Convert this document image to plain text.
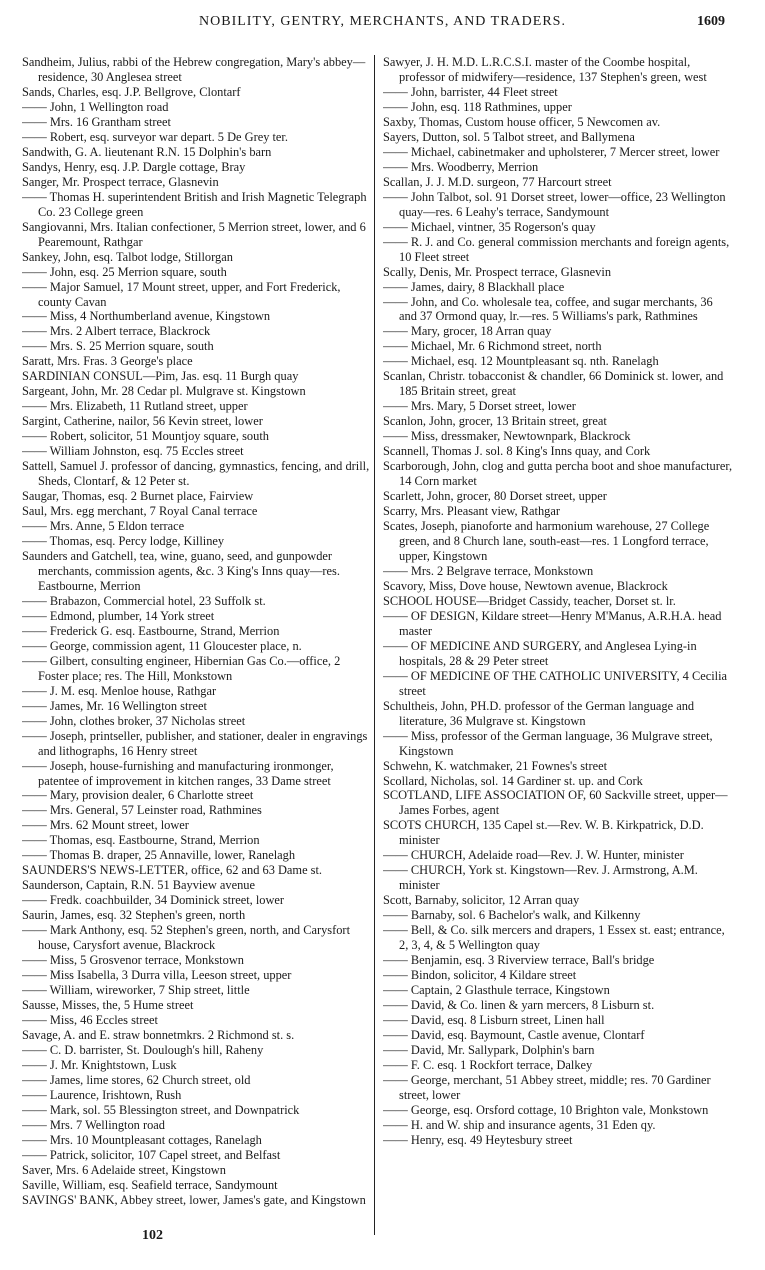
NOBILITY, GENTRY, MERCHANTS, AND TRADERS.	1609

Sandheim, Julius, rabbi of the Hebrew congregation, Mary's abbey—residence, 30 Anglesea street

Sands, Charles, esq. J.P. Bellgrove, Clontarf

—— John, 1 Wellington road

—— Mrs. 16 Grantham street

—— Robert, esq. surveyor war depart. 5 De Grey ter.

Sandwith, G. A. lieutenant R.N. 15 Dolphin's barn

Sandys, Henry, esq. J.P. Dargle cottage, Bray

Sanger, Mr. Prospect terrace, Glasnevin

—— Thomas H. superintendent British and Irish Magnetic Telegraph Co. 23 College green

Sangiovanni, Mrs. Italian confectioner, 5 Merrion street, lower, and 6 Pearemount, Rathgar

Sankey, John, esq. Talbot lodge, Stillorgan

—— John, esq. 25 Merrion square, south

—— Major Samuel, 17 Mount street, upper, and Fort Frederick, county Cavan

—— Miss, 4 Northumberland avenue, Kingstown

—— Mrs. 2 Albert terrace, Blackrock

—— Mrs. S. 25 Merrion square, south

Saratt, Mrs. Fras. 3 George's place

SARDINIAN CONSUL—Pim, Jas. esq. 11 Burgh quay

Sargeant, John, Mr. 28 Cedar pl. Mulgrave st. Kingstown

—— Mrs. Elizabeth, 11 Rutland street, upper

Sargint, Catherine, nailor, 56 Kevin street, lower

—— Robert, solicitor, 51 Mountjoy square, south

—— William Johnston, esq. 75 Eccles street

Sattell, Samuel J. professor of dancing, gymnastics, fencing, and drill, Sheds, Clontarf, & 12 Peter st.

Saugar, Thomas, esq. 2 Burnet place, Fairview

Saul, Mrs. egg merchant, 7 Royal Canal terrace

—— Mrs. Anne, 5 Eldon terrace

—— Thomas, esq. Percy lodge, Killiney

Saunders and Gatchell, tea, wine, guano, seed, and gunpowder merchants, commission agents, &c. 3 King's Inns quay—res. Eastbourne, Merrion

—— Brabazon, Commercial hotel, 23 Suffolk st.

—— Edmond, plumber, 14 York street

—— Frederick G. esq. Eastbourne, Strand, Merrion

—— George, commission agent, 11 Gloucester place, n.

—— Gilbert, consulting engineer, Hibernian Gas Co.—office, 2 Foster place; res. The Hill, Monkstown

—— J. M. esq. Menloe house, Rathgar

—— James, Mr. 16 Wellington street

—— John, clothes broker, 37 Nicholas street

—— Joseph, printseller, publisher, and stationer, dealer in engravings and lithographs, 16 Henry street

—— Joseph, house-furnishing and manufacturing ironmonger, patentee of improvement in kitchen ranges, 33 Dame street

—— Mary, provision dealer, 6 Charlotte street

—— Mrs. General, 57 Leinster road, Rathmines

—— Mrs. 62 Mount street, lower

—— Thomas, esq. Eastbourne, Strand, Merrion

—— Thomas B. draper, 25 Annaville, lower, Ranelagh

SAUNDERS'S NEWS-LETTER, office, 62 and 63 Dame st.

Saunderson, Captain, R.N. 51 Bayview avenue

—— Fredk. coachbuilder, 34 Dominick street, lower

Saurin, James, esq. 32 Stephen's green, north

—— Mark Anthony, esq. 52 Stephen's green, north, and Carysfort house, Carysfort avenue, Blackrock

—— Miss, 5 Grosvenor terrace, Monkstown

—— Miss Isabella, 3 Durra villa, Leeson street, upper

—— William, wireworker, 7 Ship street, little

Sausse, Misses, the, 5 Hume street

—— Miss, 46 Eccles street

Savage, A. and E. straw bonnetmkrs. 2 Richmond st. s.

—— C. D. barrister, St. Doulough's hill, Raheny

—— J. Mr. Knightstown, Lusk

—— James, lime stores, 62 Church street, old

—— Laurence, Irishtown, Rush

—— Mark, sol. 55 Blessington street, and Downpatrick

—— Mrs. 7 Wellington road

—— Mrs. 10 Mountpleasant cottages, Ranelagh

—— Patrick, solicitor, 107 Capel street, and Belfast

Saver, Mrs. 6 Adelaide street, Kingstown

Saville, William, esq. Seafield terrace, Sandymount

SAVINGS' BANK, Abbey street, lower, James's gate, and Kingstown

Sawyer, J. H. M.D. L.R.C.S.I. master of the Coombe hospital, professor of midwifery—residence, 137 Stephen's green, west

—— John, barrister, 44 Fleet street

—— John, esq. 118 Rathmines, upper

Saxby, Thomas, Custom house officer, 5 Newcomen av.

Sayers, Dutton, sol. 5 Talbot street, and Ballymena

—— Michael, cabinetmaker and upholsterer, 7 Mercer street, lower

—— Mrs. Woodberry, Merrion

Scallan, J. J. M.D. surgeon, 77 Harcourt street

—— John Talbot, sol. 91 Dorset street, lower—office, 23 Wellington quay—res. 6 Leahy's terrace, Sandymount

—— Michael, vintner, 35 Rogerson's quay

—— R. J. and Co. general commission merchants and foreign agents, 10 Fleet street

Scally, Denis, Mr. Prospect terrace, Glasnevin

—— James, dairy, 8 Blackhall place

—— John, and Co. wholesale tea, coffee, and sugar merchants, 36 and 37 Ormond quay, lr.—res. 5 Williams's park, Rathmines

—— Mary, grocer, 18 Arran quay

—— Michael, Mr. 6 Richmond street, north

—— Michael, esq. 12 Mountpleasant sq. nth. Ranelagh

Scanlan, Christr. tobacconist & chandler, 66 Dominick st. lower, and 185 Britain street, great

—— Mrs. Mary, 5 Dorset street, lower

Scanlon, John, grocer, 13 Britain street, great

—— Miss, dressmaker, Newtownpark, Blackrock

Scannell, Thomas J. sol. 8 King's Inns quay, and Cork

Scarborough, John, clog and gutta percha boot and shoe manufacturer, 14 Corn market

Scarlett, John, grocer, 80 Dorset street, upper

Scarry, Mrs. Pleasant view, Rathgar

Scates, Joseph, pianoforte and harmonium warehouse, 27 College green, and 8 Church lane, south-east—res. 1 Longford terrace, upper, Kingstown

—— Mrs. 2 Belgrave terrace, Monkstown

Scavory, Miss, Dove house, Newtown avenue, Blackrock

SCHOOL HOUSE—Bridget Cassidy, teacher, Dorset st. lr.

—— OF DESIGN, Kildare street—Henry M'Manus, A.R.H.A. head master

—— OF MEDICINE AND SURGERY, and Anglesea Lying-in hospitals, 28 & 29 Peter street

—— OF MEDICINE OF THE CATHOLIC UNIVERSITY, 4 Cecilia street

Schultheis, John, PH.D. professor of the German language and literature, 36 Mulgrave st. Kingstown

—— Miss, professor of the German language, 36 Mulgrave street, Kingstown

Schwehn, K. watchmaker, 21 Fownes's street

Scollard, Nicholas, sol. 14 Gardiner st. up. and Cork

SCOTLAND, LIFE ASSOCIATION OF, 60 Sackville street, upper—James Forbes, agent

SCOTS CHURCH, 135 Capel st.—Rev. W. B. Kirkpatrick, D.D. minister

—— CHURCH, Adelaide road—Rev. J. W. Hunter, minister

—— CHURCH, York st. Kingstown—Rev. J. Armstrong, A.M. minister

Scott, Barnaby, solicitor, 12 Arran quay

—— Barnaby, sol. 6 Bachelor's walk, and Kilkenny

—— Bell, & Co. silk mercers and drapers, 1 Essex st. east; entrance, 2, 3, 4, & 5 Wellington quay

—— Benjamin, esq. 3 Riverview terrace, Ball's bridge

—— Bindon, solicitor, 4 Kildare street

—— Captain, 2 Glasthule terrace, Kingstown

—— David, & Co. linen & yarn mercers, 8 Lisburn st.

—— David, esq. 8 Lisburn street, Linen hall

—— David, esq. Baymount, Castle avenue, Clontarf

—— David, Mr. Sallypark, Dolphin's barn

—— F. C. esq. 1 Rockfort terrace, Dalkey

—— George, merchant, 51 Abbey street, middle; res. 70 Gardiner street, lower

—— George, esq. Orsford cottage, 10 Brighton vale, Monkstown

—— H. and W. ship and insurance agents, 31 Eden qy.

—— Henry, esq. 49 Heytesbury street

102
